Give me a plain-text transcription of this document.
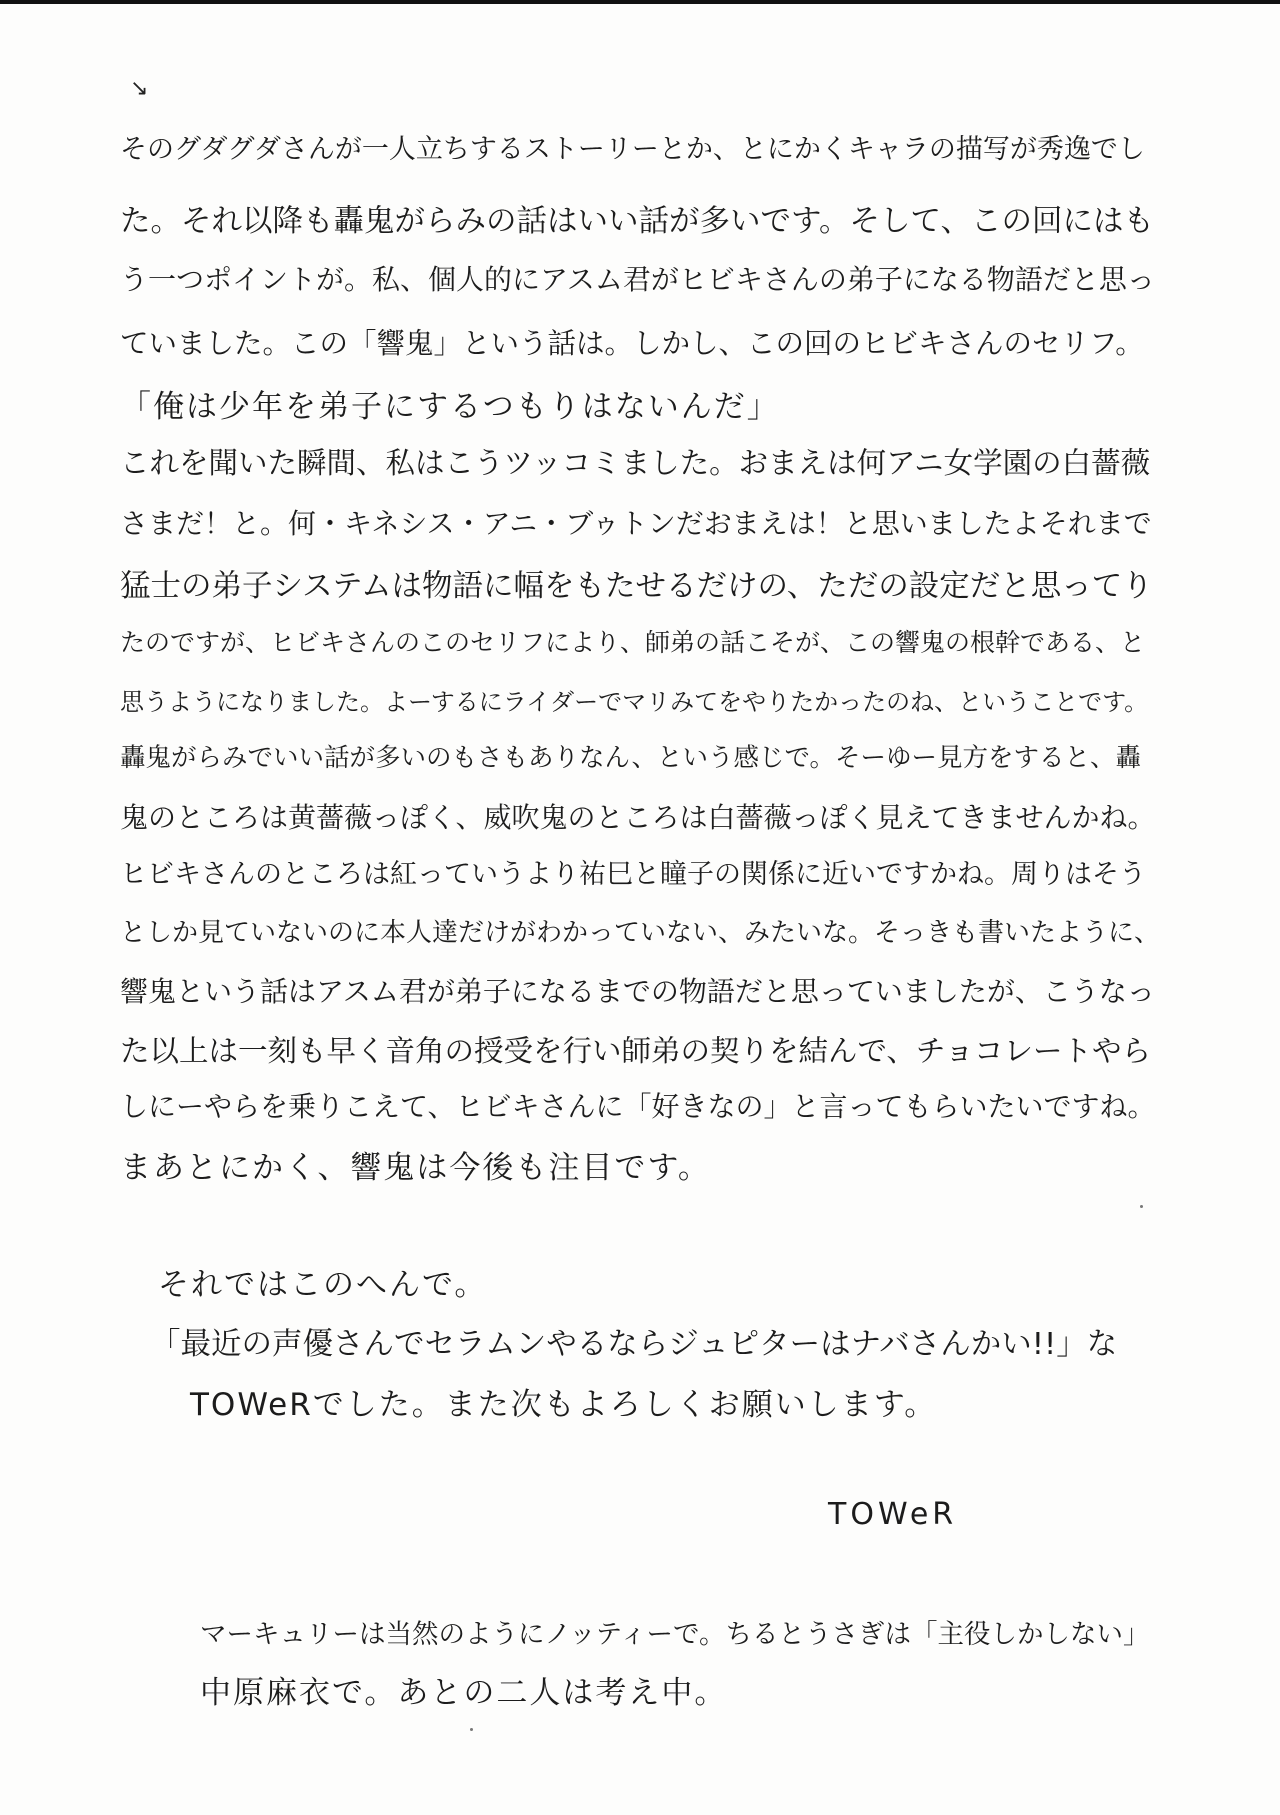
↘
そのグダグダさんが一人立ちするストーリーとか、とにかくキャラの描写が秀逸でし
た。それ以降も轟鬼がらみの話はいい話が多いです。そして、この回にはも
う一つポイントが。私、個人的にアスム君がヒビキさんの弟子になる物語だと思っ
ていました。この「響鬼」という話は。しかし、この回のヒビキさんのセリフ。
「俺は少年を弟子にするつもりはないんだ」
これを聞いた瞬間、私はこうツッコミました。おまえは何アニ女学園の白薔薇
さまだ！と。何・キネシス・アニ・ブゥトンだおまえは！と思いましたよそれまで
猛士の弟子システムは物語に幅をもたせるだけの、ただの設定だと思ってり
たのですが、ヒビキさんのこのセリフにより、師弟の話こそが、この響鬼の根幹である、と
思うようになりました。よーするにライダーでマリみてをやりたかったのね、ということです。
轟鬼がらみでいい話が多いのもさもありなん、という感じで。そーゆー見方をすると、轟
鬼のところは黄薔薇っぽく、威吹鬼のところは白薔薇っぽく見えてきませんかね。
ヒビキさんのところは紅っていうより祐巳と瞳子の関係に近いですかね。周りはそう
としか見ていないのに本人達だけがわかっていない、みたいな。そっきも書いたように、
響鬼という話はアスム君が弟子になるまでの物語だと思っていましたが、こうなっ
た以上は一刻も早く音角の授受を行い師弟の契りを結んで、チョコレートやら
しにーやらを乗りこえて、ヒビキさんに「好きなの」と言ってもらいたいですね。
まあとにかく、響鬼は今後も注目です。
それではこのへんで。
「最近の声優さんでセラムンやるならジュピターはナバさんかい!!」な
TOWeRでした。また次もよろしくお願いします。
TOWeR
マーキュリーは当然のようにノッティーで。ちるとうさぎは「主役しかしない」
中原麻衣で。あとの二人は考え中。
